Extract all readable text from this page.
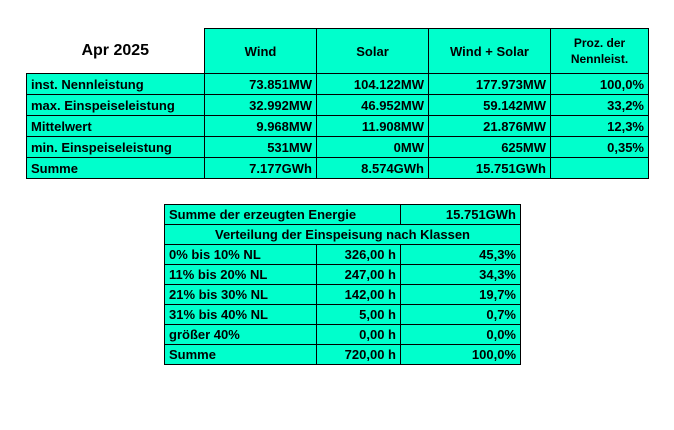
Apr 2025	Wind	Solar	Wind + Solar	Proz. der Nennleist.
inst. Nennleistung	73.851MW	104.122MW	177.973MW	100,0%
max. Einspeiseleistung	32.992MW	46.952MW	59.142MW	33,2%
Mittelwert	9.968MW	11.908MW	21.876MW	12,3%
min. Einspeiseleistung	531MW	0MW	625MW	0,35%
Summe	7.177GWh	8.574GWh	15.751GWh	
Summe der erzeugten Energie		15.751GWh
Verteilung der Einspeisung nach Klassen		
0% bis 10% NL	326,00 h	45,3%
11% bis 20% NL	247,00 h	34,3%
21% bis 30% NL	142,00 h	19,7%
31% bis 40% NL	5,00 h	0,7%
größer 40%	0,00 h	0,0%
Summe	720,00 h	100,0%
